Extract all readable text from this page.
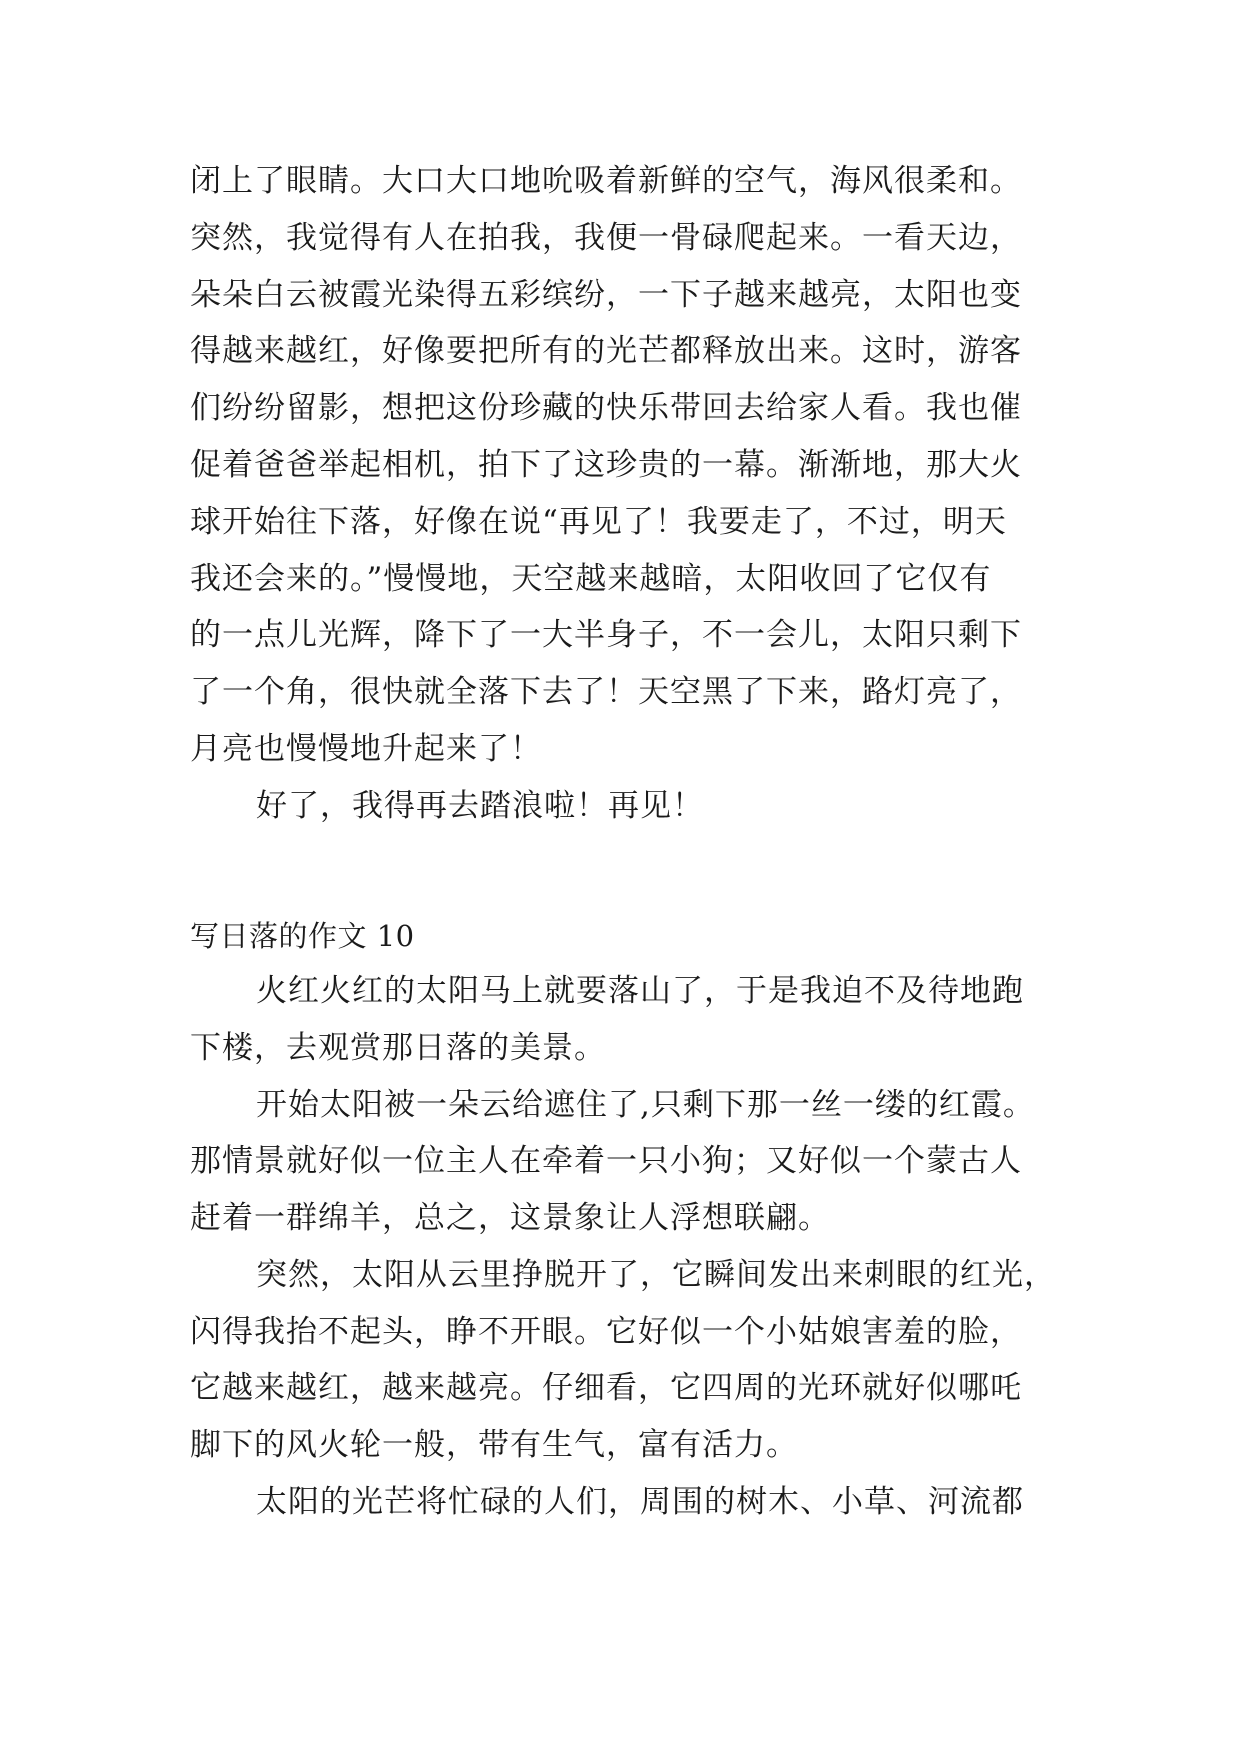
闭上了眼睛。大口大口地吮吸着新鲜的空气，海风很柔和。
突然，我觉得有人在拍我，我便一骨碌爬起来。一看天边，
朵朵白云被霞光染得五彩缤纷，一下子越来越亮，太阳也变
得越来越红，好像要把所有的光芒都释放出来。这时，游客
们纷纷留影，想把这份珍藏的快乐带回去给家人看。我也催
促着爸爸举起相机，拍下了这珍贵的一幕。渐渐地，那大火
球开始往下落，好像在说“再见了！我要走了，不过，明天
我还会来的。”慢慢地，天空越来越暗，太阳收回了它仅有
的一点儿光辉，降下了一大半身子，不一会儿，太阳只剩下
了一个角，很快就全落下去了！天空黑了下来，路灯亮了，
月亮也慢慢地升起来了！
好了，我得再去踏浪啦！再见！
写日落的作文 10
火红火红的太阳马上就要落山了，于是我迫不及待地跑
下楼，去观赏那日落的美景。
开始太阳被一朵云给遮住了,只剩下那一丝一缕的红霞。
那情景就好似一位主人在牵着一只小狗；又好似一个蒙古人
赶着一群绵羊，总之，这景象让人浮想联翩。
突然，太阳从云里挣脱开了，它瞬间发出来刺眼的红光，
闪得我抬不起头，睁不开眼。它好似一个小姑娘害羞的脸，
它越来越红，越来越亮。仔细看，它四周的光环就好似哪吒
脚下的风火轮一般，带有生气，富有活力。
太阳的光芒将忙碌的人们，周围的树木、小草、河流都
